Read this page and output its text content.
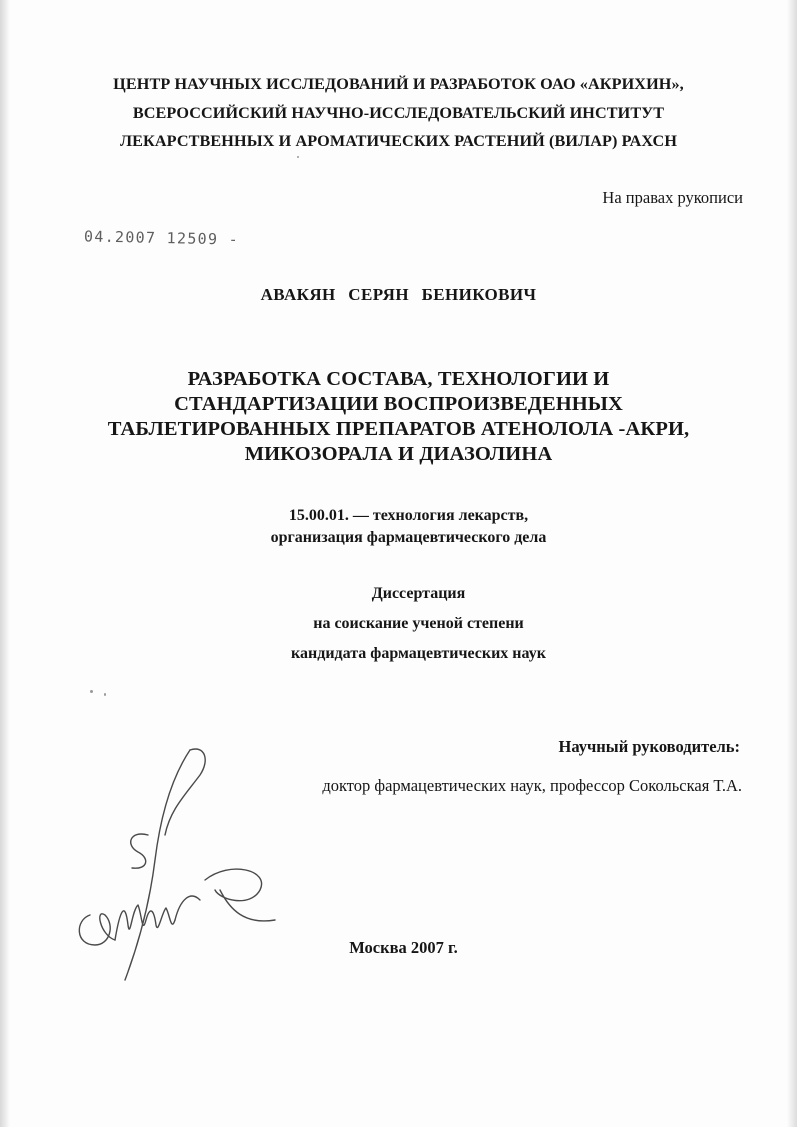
ЦЕНТР НАУЧНЫХ ИССЛЕДОВАНИЙ И РАЗРАБОТОК ОАО «АКРИХИН»,
ВСЕРОССИЙСКИЙ НАУЧНО-ИССЛЕДОВАТЕЛЬСКИЙ ИНСТИТУТ
ЛЕКАРСТВЕННЫХ И АРОМАТИЧЕСКИХ РАСТЕНИЙ (ВИЛАР) РАХСН
На правах рукописи
04.2007 12509 -
АВАКЯН СЕРЯН БЕНИКОВИЧ
РАЗРАБОТКА СОСТАВА, ТЕХНОЛОГИИ И
СТАНДАРТИЗАЦИИ ВОСПРОИЗВЕДЕННЫХ
ТАБЛЕТИРОВАННЫХ ПРЕПАРАТОВ АТЕНОЛОЛА -АКРИ,
МИКОЗОРАЛА И ДИАЗОЛИНА
15.00.01. — технология лекарств,
организация фармацевтического дела
Диссертация
на соискание ученой степени
кандидата фармацевтических наук
Научный руководитель:
доктор фармацевтических наук, профессор Сокольская Т.А.
Москва 2007 г.
